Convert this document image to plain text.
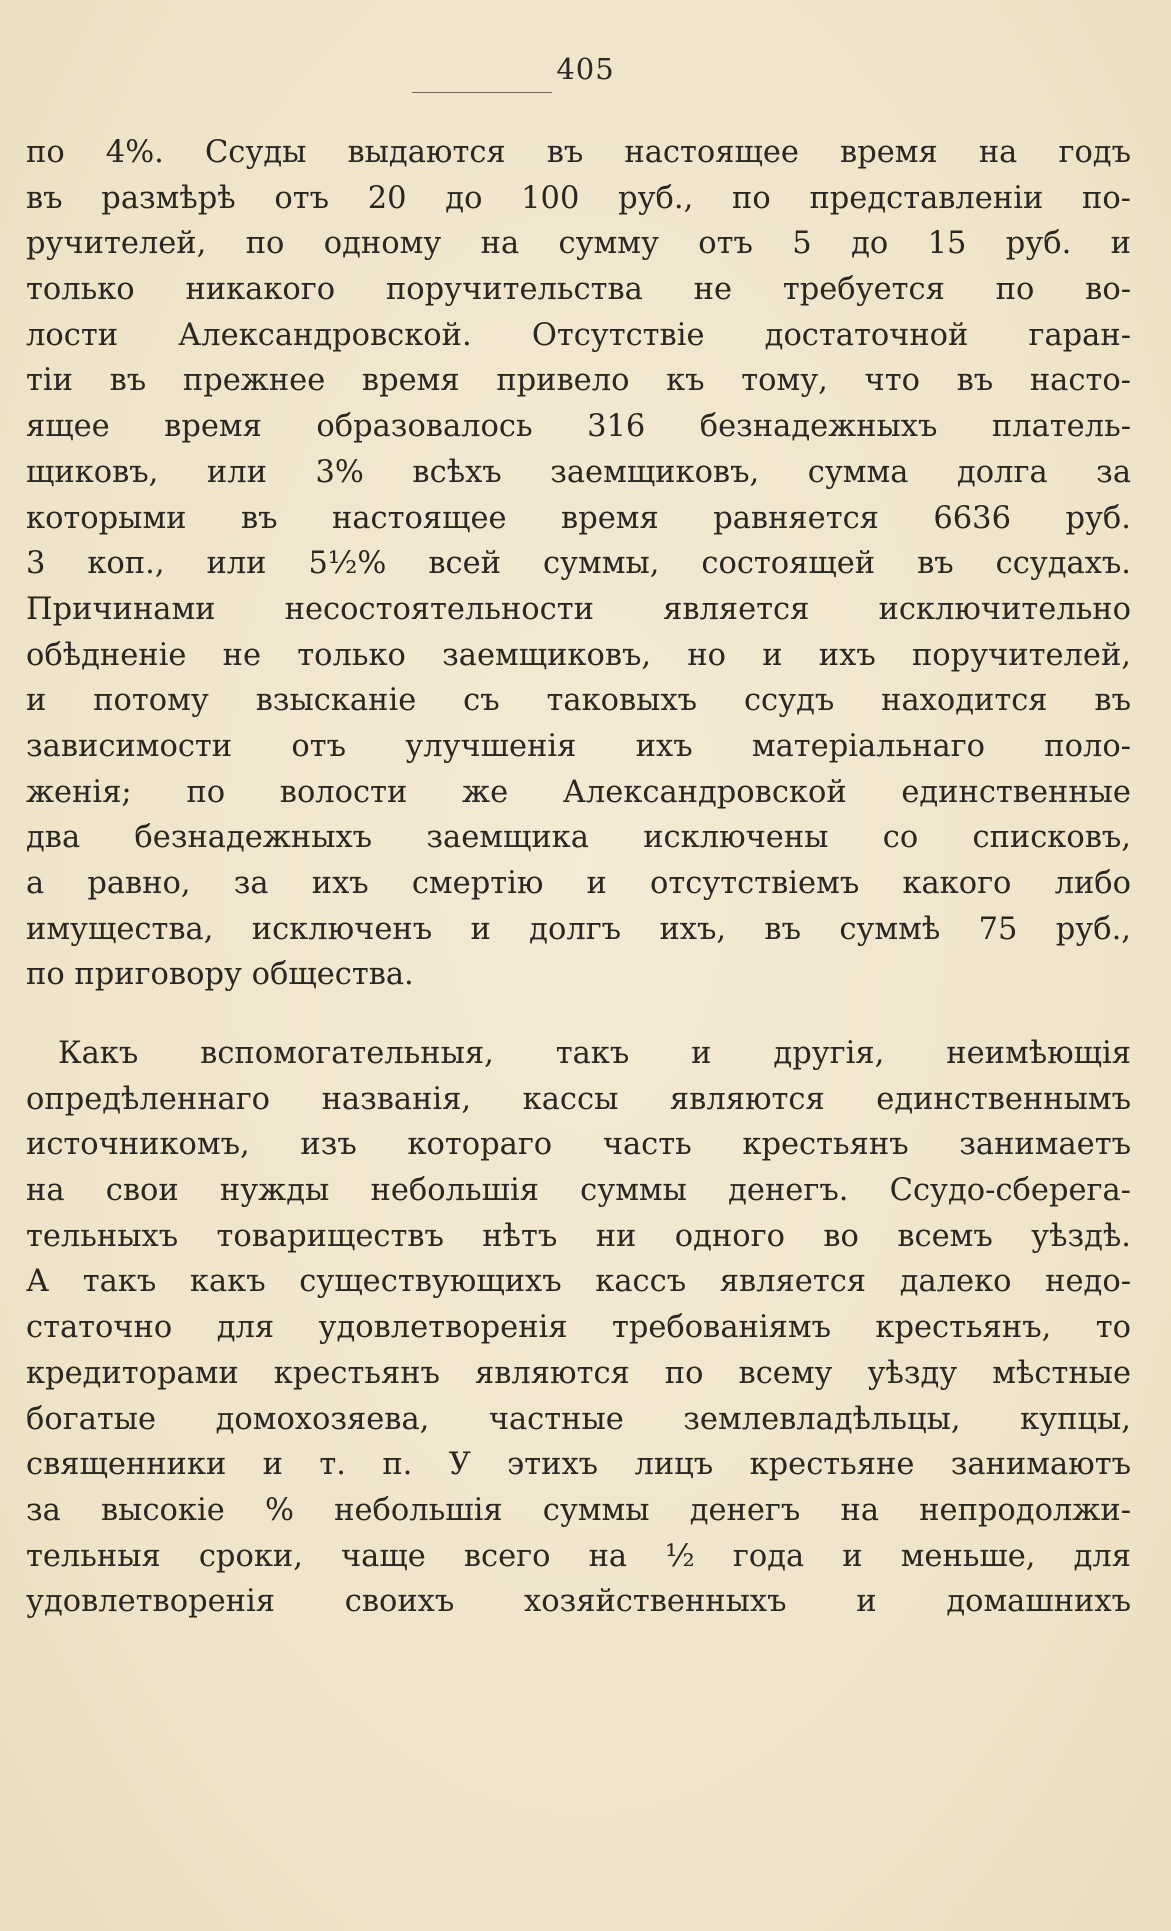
405
по 4%. Ссуды выдаются въ настоящее время на годъ
въ размѣрѣ отъ 20 до 100 руб., по представленіи по-
ручителей, по одному на сумму отъ 5 до 15 руб. и
только никакого поручительства не требуется по во-
лости Александровской. Отсутствіе достаточной гаран-
тіи въ прежнее время привело къ тому, что въ насто-
ящее время образовалось 316 безнадежныхъ платель-
щиковъ, или 3% всѣхъ заемщиковъ, сумма долга за
которыми въ настоящее время равняется 6636 руб.
3 коп., или 5½% всей суммы, состоящей въ ссудахъ.
Причинами несостоятельности является исключительно
обѣдненіе не только заемщиковъ, но и ихъ поручителей,
и потому взысканіе съ таковыхъ ссудъ находится въ
зависимости отъ улучшенія ихъ матеріальнаго поло-
женія; по волости же Александровской единственные
два безнадежныхъ заемщика исключены со списковъ,
а равно, за ихъ смертію и отсутствіемъ какого либо
имущества, исключенъ и долгъ ихъ, въ суммѣ 75 руб.,
по приговору общества.
Какъ вспомогательныя, такъ и другія, неимѣющія
опредѣленнаго названія, кассы являются единственнымъ
источникомъ, изъ котораго часть крестьянъ занимаетъ
на свои нужды небольшія суммы денегъ. Ссудо-сберега-
тельныхъ товариществъ нѣтъ ни одного во всемъ уѣздѣ.
А такъ какъ существующихъ кассъ является далеко недо-
статочно для удовлетворенія требованіямъ крестьянъ, то
кредиторами крестьянъ являются по всему уѣзду мѣстные
богатые домохозяева, частные землевладѣльцы, купцы,
священники и т. п. У этихъ лицъ крестьяне занимаютъ
за высокіе % небольшія суммы денегъ на непродолжи-
тельныя сроки, чаще всего на ½ года и меньше, для
удовлетворенія своихъ хозяйственныхъ и домашнихъ
